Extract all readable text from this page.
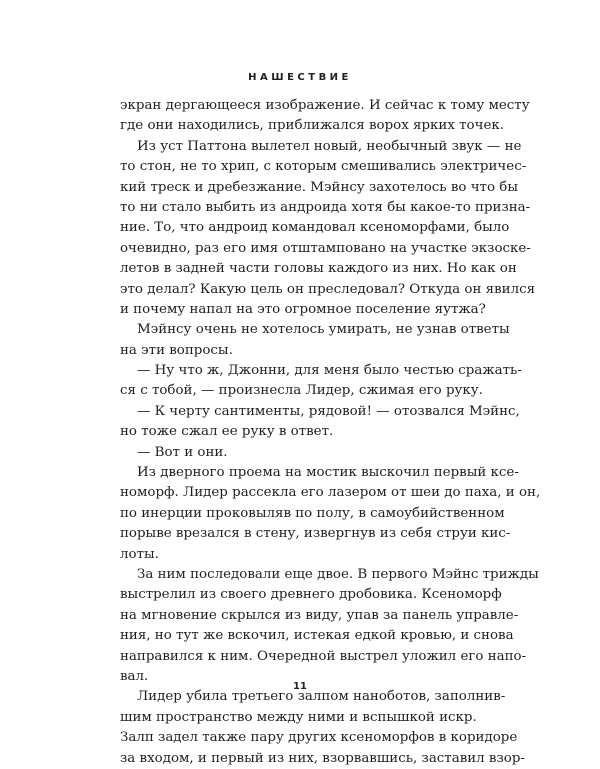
НАШЕСТВИЕ
экран дергающееся изображение. И сейчас к тому месту
где они находились, приближался ворох ярких точек.
Из уст Паттона вылетел новый, необычный звук — не
то стон, не то хрип, с которым смешивались электричес-
кий треск и дребезжание. Мэйнсу захотелось во что бы
то ни стало выбить из андроида хотя бы какое-то призна-
ние. То, что андроид командовал ксеноморфами, было
очевидно, раз его имя отштамповано на участке экзоске-
летов в задней части головы каждого из них. Но как он
это делал? Какую цель он преследовал? Откуда он явился
и почему напал на это огромное поселение яутжа?
Мэйнсу очень не хотелось умирать, не узнав ответы
на эти вопросы.
— Ну что ж, Джонни, для меня было честью сражать-
ся с тобой, — произнесла Лидер, сжимая его руку.
— К черту сантименты, рядовой! — отозвался Мэйнс,
но тоже сжал ее руку в ответ.
— Вот и они.
Из дверного проема на мостик выскочил первый ксе-
номорф. Лидер рассекла его лазером от шеи до паха, и он,
по инерции проковыляв по полу, в самоубийственном
порыве врезался в стену, извергнув из себя струи кис-
лоты.
За ним последовали еще двое. В первого Мэйнс трижды
выстрелил из своего древнего дробовика. Ксеноморф
на мгновение скрылся из виду, упав за панель управле-
ния, но тут же вскочил, истекая едкой кровью, и снова
направился к ним. Очередной выстрел уложил его напо-
вал.
Лидер убила третьего залпом наноботов, заполнив-
шим пространство между ними и вспышкой искр.
Залп задел также пару других ксеноморфов в коридоре
за входом, и первый из них, взорвавшись, заставил взор-
11
